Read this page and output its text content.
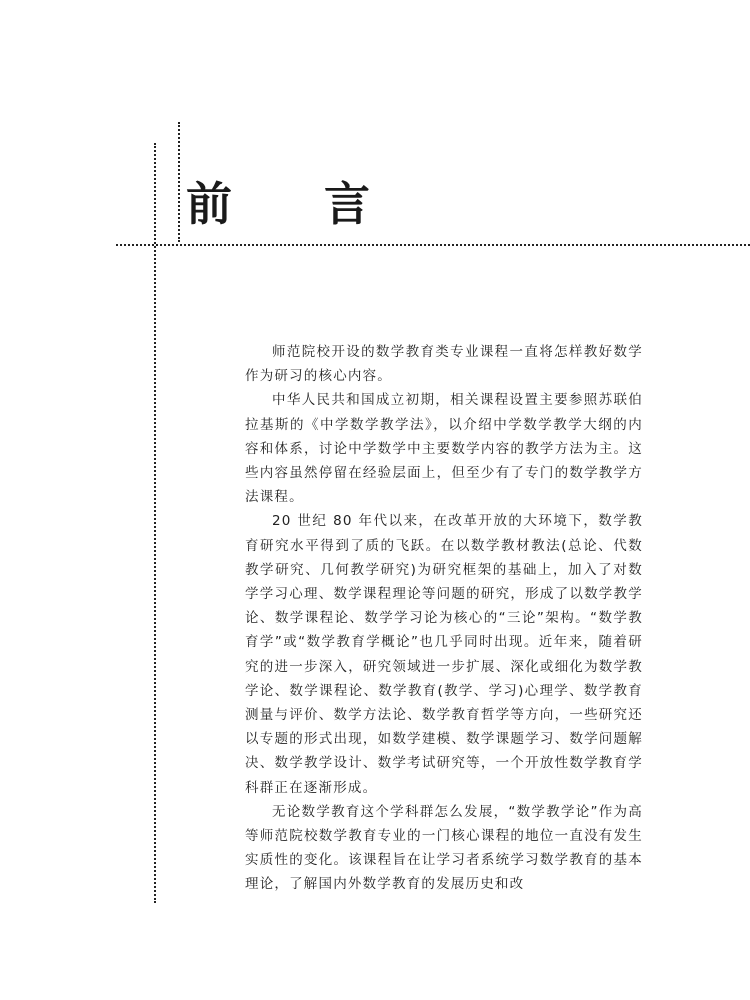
前 言

师范院校开设的数学教育类专业课程一直将怎样教好数学作为研习的核心内容。

中华人民共和国成立初期，相关课程设置主要参照苏联伯拉基斯的《中学数学教学法》，以介绍中学数学教学大纲的内容和体系，讨论中学数学中主要数学内容的教学方法为主。这些内容虽然停留在经验层面上，但至少有了专门的数学教学方法课程。

20 世纪 80 年代以来，在改革开放的大环境下，数学教育研究水平得到了质的飞跃。在以数学教材教法(总论、代数教学研究、几何教学研究)为研究框架的基础上，加入了对数学学习心理、数学课程理论等问题的研究，形成了以数学教学论、数学课程论、数学学习论为核心的“三论”架构。“数学教育学”或“数学教育学概论”也几乎同时出现。近年来，随着研究的进一步深入，研究领域进一步扩展、深化或细化为数学教学论、数学课程论、数学教育(教学、学习)心理学、数学教育测量与评价、数学方法论、数学教育哲学等方向，一些研究还以专题的形式出现，如数学建模、数学课题学习、数学问题解决、数学教学设计、数学考试研究等，一个开放性数学教育学科群正在逐渐形成。

无论数学教育这个学科群怎么发展，“数学教学论”作为高等师范院校数学教育专业的一门核心课程的地位一直没有发生实质性的变化。该课程旨在让学习者系统学习数学教育的基本理论，了解国内外数学教育的发展历史和改
